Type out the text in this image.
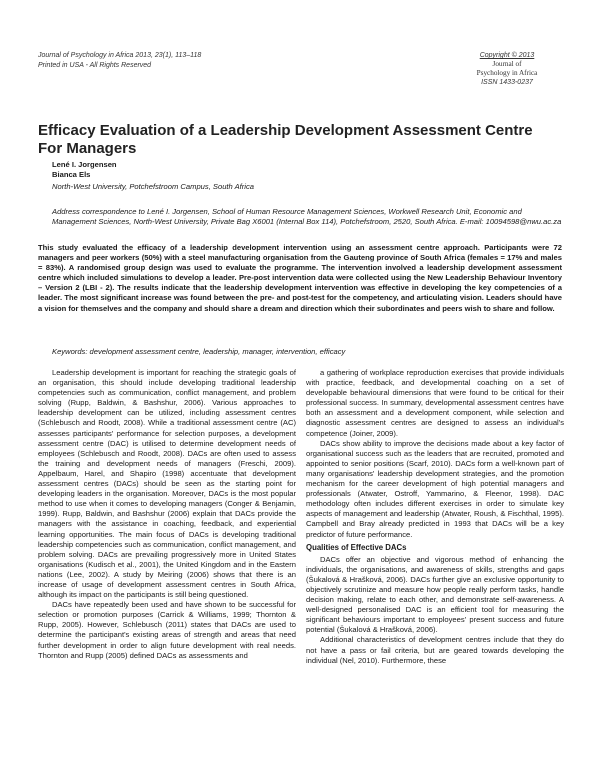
Journal of Psychology in Africa 2013, 23(1), 113–118
Printed in USA - All Rights Reserved
Copyright © 2013
Journal of
Psychology in Africa
ISSN 1433-0237
Efficacy Evaluation of a Leadership Development Assessment Centre For Managers
Lené I. Jorgensen
Bianca Els
North-West University, Potchefstroom Campus, South Africa
Address correspondence to Lené I. Jorgensen, School of Human Resource Management Sciences, Workwell Research Unit, Economic and Management Sciences, North-West University, Private Bag X6001 (Internal Box 114), Potchefstroom, 2520, South Africa. E-mail: 10094598@nwu.ac.za
This study evaluated the efficacy of a leadership development intervention using an assessment centre approach. Participants were 72 managers and peer workers (50%) with a steel manufacturing organisation from the Gauteng province of South Africa (females = 17% and males = 83%). A randomised group design was used to evaluate the programme. The intervention involved a leadership development assessment centre which included simulations to develop a leader. Pre-post intervention data were collected using the New Leadership Behaviour Inventory – Version 2 (LBI - 2). The results indicate that the leadership development intervention was effective in developing the key competencies of a leader. The most significant increase was found between the pre- and post-test for the competency, and articulating vision. Leaders should have a vision for themselves and the company and should share a dream and direction which their subordinates and peers wish to share and follow.
Keywords: development assessment centre, leadership, manager, intervention, efficacy

Leadership development is important for reaching the strategic goals of an organisation, this should include developing traditional leadership competencies such as communication, conflict management, and problem solving (Rupp, Baldwin, & Bashshur, 2006). Various approaches to leadership development can be utilized, including assessment centres (Schlebusch and Roodt, 2008). While a traditional assessment centre (AC) assesses participants' performance for selection purposes, a development assessment centre (DAC) is utilised to determine development needs of employees (Schlebusch and Roodt, 2008). DACs are often used to assess the training and development needs of managers (Freschi, 2009). Appelbaum, Harel, and Shapiro (1998) accentuate that development assessment centres (DACs) should be seen as the starting point for developing leaders in the organisation. Moreover, DACs is the most popular method to use when it comes to developing managers (Conger & Benjamin, 1999). Rupp, Baldwin, and Bashshur (2006) explain that DACs provide the managers with the assistance in coaching, feedback, and experiential learning opportunities. The main focus of DACs is developing traditional leadership competencies such as communication, conflict management, and problem solving. DACs are prevailing progressively more in United States organisations (Kudisch et al., 2001), the United Kingdom and in the Eastern nations (Lee, 2002). A study by Meiring (2006) shows that there is an increase of usage of development assessment centres in South Africa, although its impact on the participants is still being questioned.

DACs have repeatedly been used and have shown to be successful for selection or promotion purposes (Carrick & Williams, 1999; Thornton & Rupp, 2005). However, Schlebusch (2011) states that DACs are used to determine the participant's existing areas of strength and areas that need further development in order to align future development with real needs. Thornton and Rupp (2005) defined DACs as assessments and

a gathering of workplace reproduction exercises that provide individuals with practice, feedback, and developmental coaching on a set of developable behavioural dimensions that were found to be critical for their professional success. In summary, developmental assessment centres have both an assessment and a development component, while selection and diagnostic assessment centres are designed to assess an individual's competence (Joiner, 2009).

DACs show ability to improve the decisions made about a key factor of organisational success such as the leaders that are recruited, promoted and appointed to senior positions (Scarf, 2010). DACs form a well-known part of many organisations' leadership development strategies, and the promotion mechanism for the career development of high potential managers and professionals (Atwater, Ostroff, Yammarino, & Fleenor, 1998). DAC methodology often includes different exercises in order to simulate key aspects of management and leadership (Atwater, Roush, & Fischthal, 1995). Campbell and Bray already predicted in 1993 that DACs will be a key predictor of future performance.

Qualities of Effective DACs

DACs offer an objective and vigorous method of enhancing the individuals, the organisations, and awareness of skills, strengths and gaps (Šukalová & Hrašková, 2006). DACs further give an exclusive opportunity to objectively scrutinize and measure how people really perform tasks, handle decision making, relate to each other, and demonstrate self-awareness. A well-designed personalised DAC is an efficient tool for measuring the significant behaviours important to employees' present success and future potential (Šukalová & Hrašková, 2006).

Additional characteristics of development centres include that they do not have a pass or fail criteria, but are geared towards developing the individual (Nel, 2010). Furthermore, these
